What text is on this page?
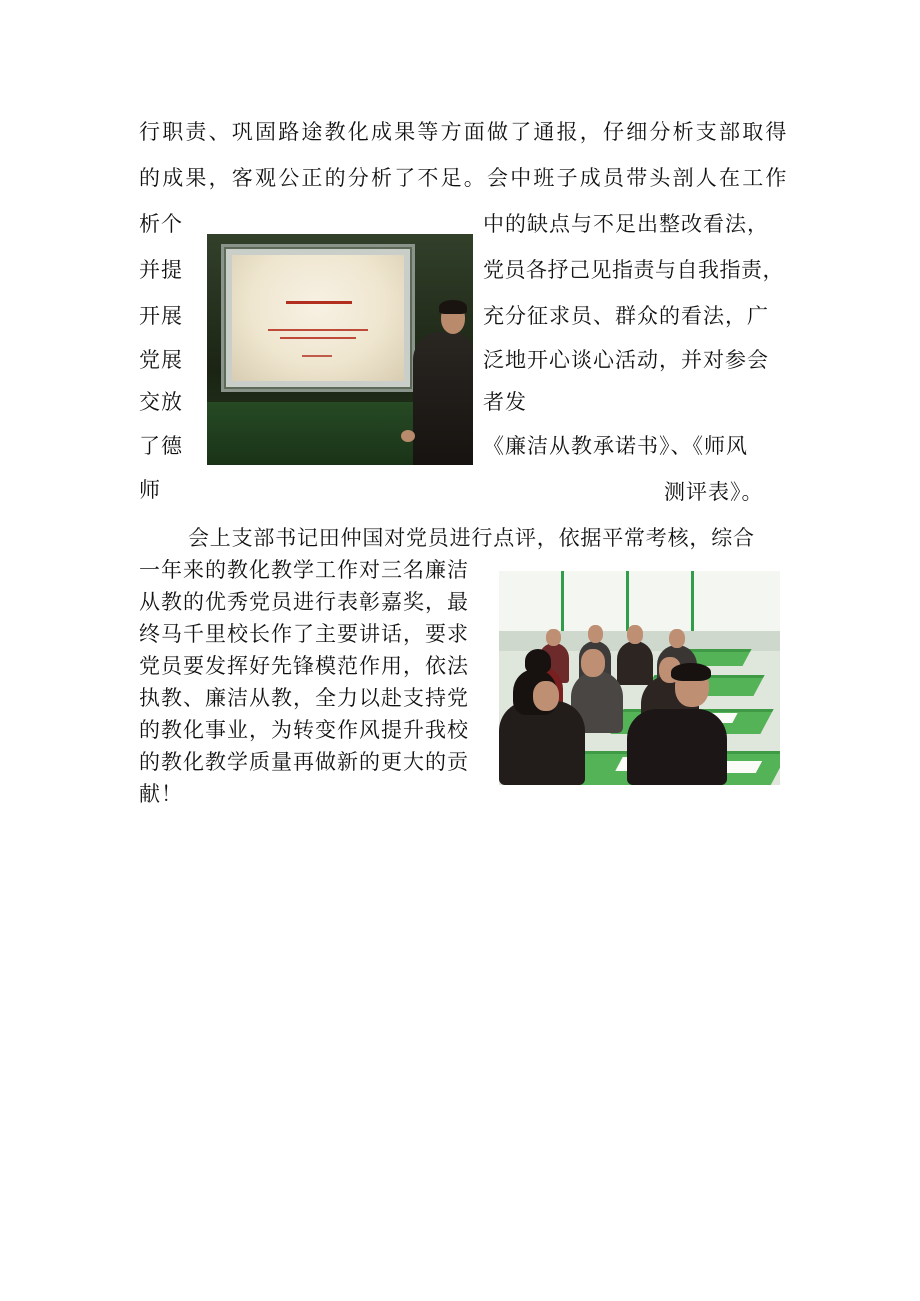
行职责、巩固路途教化成果等方面做了通报，仔细分析支部取得
的成果，客观公正的分析了不足。会中班子成员带头剖人在工作
析个
并提
开展
党展
交放
了德
师
中的缺点与不足出整改看法，
党员各抒己见指责与自我指责，
充分征求员、群众的看法，广
泛地开心谈心活动，并对参会
者发
《廉洁从教承诺书》、《师风
测评表》。
会上支部书记田仲国对党员进行点评，依据平常考核，综合
一年来的教化教学工作对三名廉洁
从教的优秀党员进行表彰嘉奖，最
终马千里校长作了主要讲话，要求
党员要发挥好先锋模范作用，依法
执教、廉洁从教，全力以赴支持党
的教化事业，为转变作风提升我校
的教化教学质量再做新的更大的贡
献！
